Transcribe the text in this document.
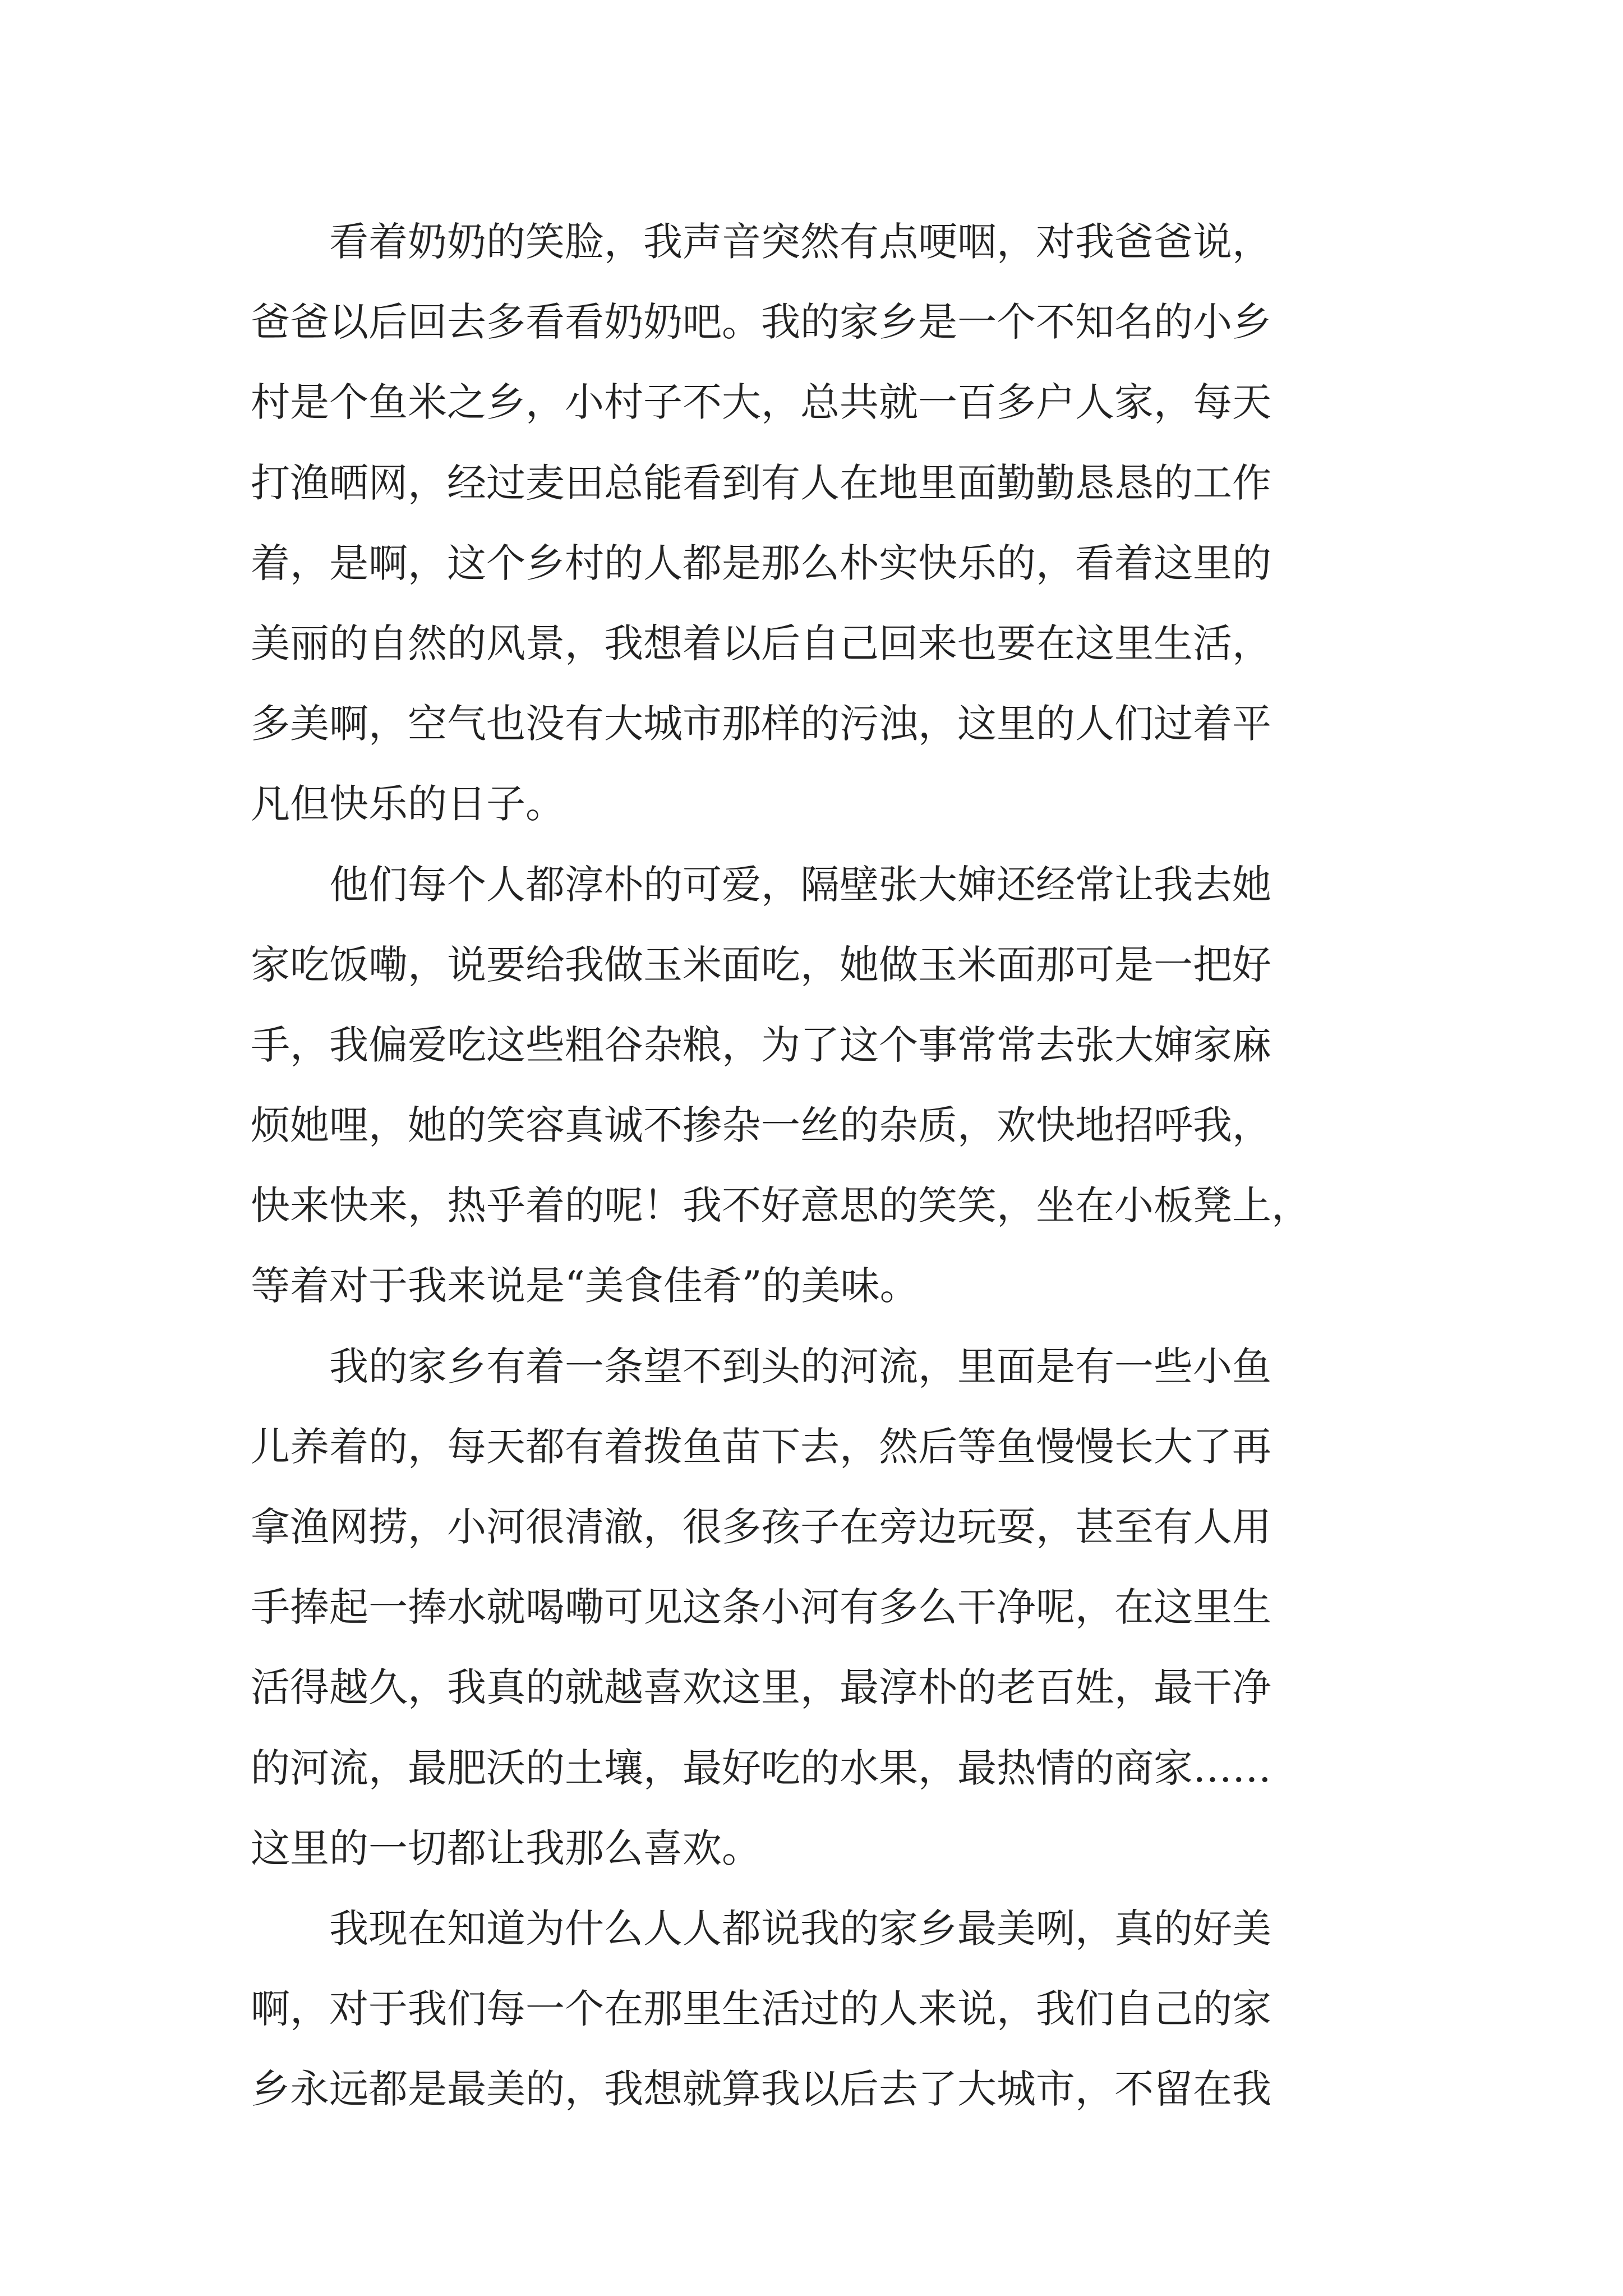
　　看着奶奶的笑脸，我声音突然有点哽咽，对我爸爸说，
爸爸以后回去多看看奶奶吧。我的家乡是一个不知名的小乡
村是个鱼米之乡，小村子不大，总共就一百多户人家，每天
打渔晒网，经过麦田总能看到有人在地里面勤勤恳恳的工作
着，是啊，这个乡村的人都是那么朴实快乐的，看着这里的
美丽的自然的风景，我想着以后自己回来也要在这里生活，
多美啊，空气也没有大城市那样的污浊，这里的人们过着平
凡但快乐的日子。
　　他们每个人都淳朴的可爱，隔壁张大婶还经常让我去她
家吃饭嘞，说要给我做玉米面吃，她做玉米面那可是一把好
手，我偏爱吃这些粗谷杂粮，为了这个事常常去张大婶家麻
烦她哩，她的笑容真诚不掺杂一丝的杂质，欢快地招呼我，
快来快来，热乎着的呢！我不好意思的笑笑，坐在小板凳上，
等着对于我来说是“美食佳肴”的美味。
　　我的家乡有着一条望不到头的河流，里面是有一些小鱼
儿养着的，每天都有着拨鱼苗下去，然后等鱼慢慢长大了再
拿渔网捞，小河很清澈，很多孩子在旁边玩耍，甚至有人用
手捧起一捧水就喝嘞可见这条小河有多么干净呢，在这里生
活得越久，我真的就越喜欢这里，最淳朴的老百姓，最干净
的河流，最肥沃的土壤，最好吃的水果，最热情的商家……
这里的一切都让我那么喜欢。
　　我现在知道为什么人人都说我的家乡最美咧，真的好美
啊，对于我们每一个在那里生活过的人来说，我们自己的家
乡永远都是最美的，我想就算我以后去了大城市，不留在我
